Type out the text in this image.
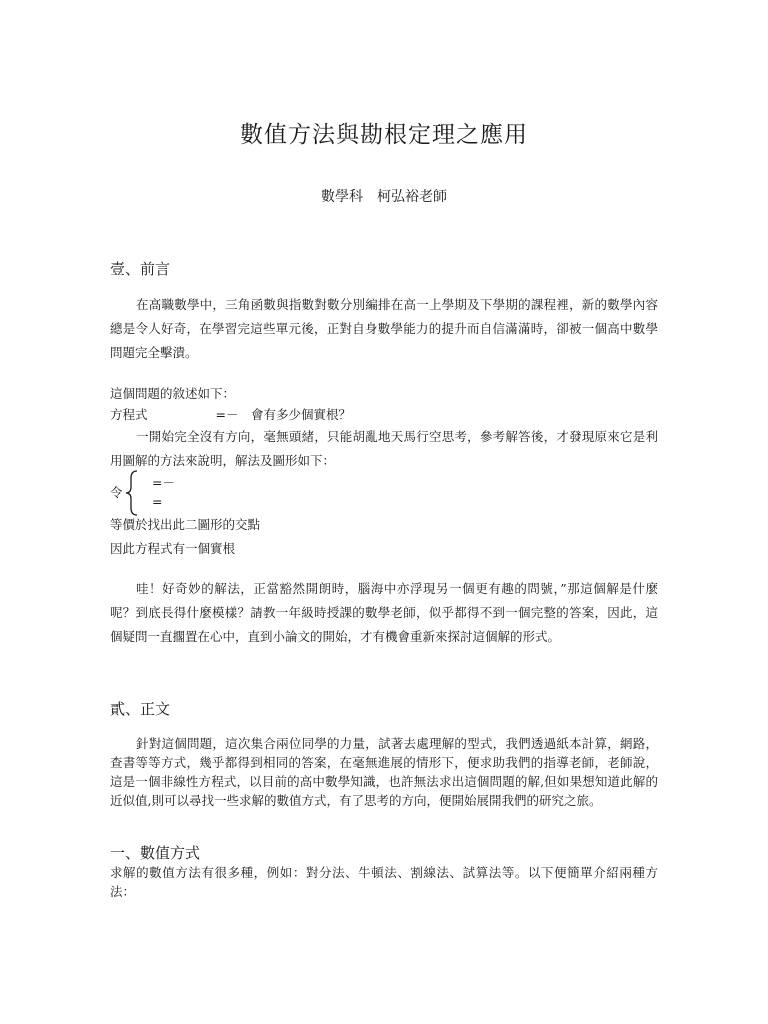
數值方法與勘根定理之應用
數學科　柯弘裕老師
壹、前言
在高職數學中，三角函數與指數對數分別編排在高一上學期及下學期的課程裡，新的數學內容總是令人好奇，在學習完這些單元後，正對自身數學能力的提升而自信滿滿時，卻被一個高中數學問題完全擊潰。
這個問題的敘述如下：
方程式	=－　會有多少個實根？
一開始完全沒有方向，毫無頭緒，只能胡亂地天馬行空思考，參考解答後，才發現原來它是利用圖解的方法來說明，解法及圖形如下：
令
=－
=
等價於找出此二圖形的交點
因此方程式有一個實根
哇！好奇妙的解法，正當豁然開朗時，腦海中亦浮現另一個更有趣的問號，”那這個解是什麼呢？到底長得什麼模樣？請教一年級時授課的數學老師，似乎都得不到一個完整的答案，因此，這個疑問一直擱置在心中，直到小論文的開始，才有機會重新來探討這個解的形式。
貳、正文
針對這個問題，這次集合兩位同學的力量，試著去處理解的型式，我們透過紙本計算，網路，查書等等方式，幾乎都得到相同的答案，在毫無進展的情形下，便求助我們的指導老師，老師說，這是一個非線性方程式，以目前的高中數學知識，也許無法求出這個問題的解,但如果想知道此解的近似值,則可以尋找一些求解的數值方式，有了思考的方向，便開始展開我們的研究之旅。
一、數值方式
求解的數值方法有很多種，例如：對分法、牛頓法、割線法、試算法等。以下便簡單介紹兩種方法：
